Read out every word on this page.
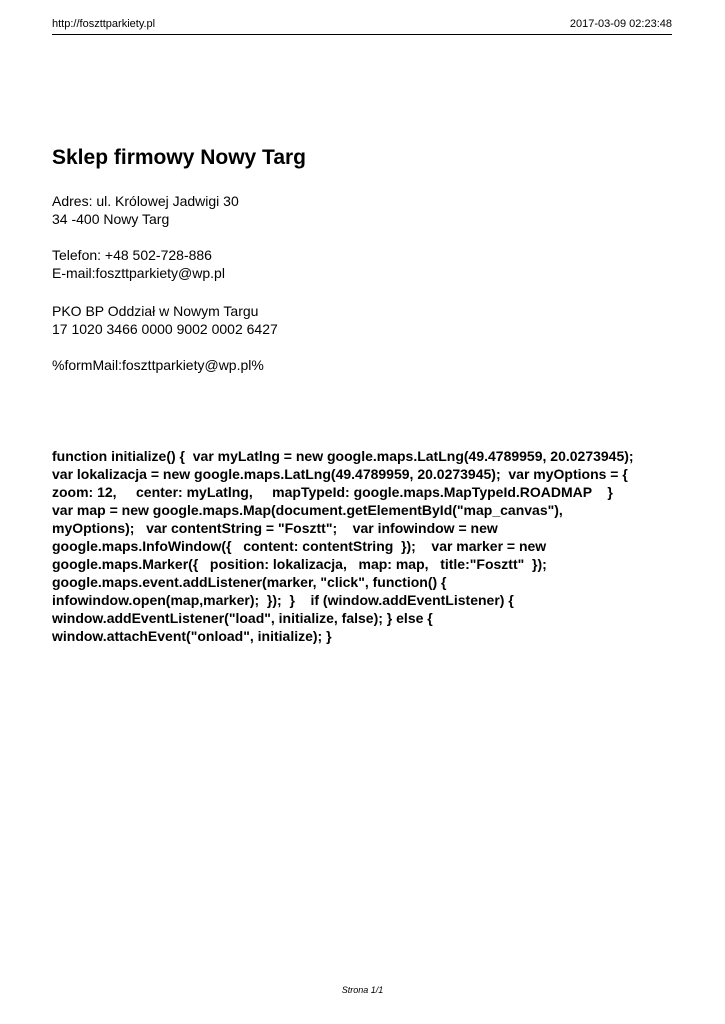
http://foszttparkiety.pl	2017-03-09 02:23:48
Sklep firmowy Nowy Targ
Adres: ul. Królowej Jadwigi 30
34 -400 Nowy Targ
Telefon: +48 502-728-886
E-mail:foszttparkiety@wp.pl
PKO BP Oddział w Nowym Targu
17 1020 3466 0000 9002 0002 6427
%formMail:foszttparkiety@wp.pl%
function initialize() {  var myLatlng = new google.maps.LatLng(49.4789959, 20.0273945);
var lokalizacja = new google.maps.LatLng(49.4789959, 20.0273945);  var myOptions = {
zoom: 12,     center: myLatlng,     mapTypeId: google.maps.MapTypeId.ROADMAP    }
var map = new google.maps.Map(document.getElementById("map_canvas"),
myOptions);   var contentString = "Fosztt";    var infowindow = new
google.maps.InfoWindow({   content: contentString  });    var marker = new
google.maps.Marker({   position: lokalizacja,   map: map,   title:"Fosztt"  });
google.maps.event.addListener(marker, "click", function() {
infowindow.open(map,marker);  });  }    if (window.addEventListener) {
window.addEventListener("load", initialize, false); } else {
window.attachEvent("onload", initialize); }
Strona 1/1
